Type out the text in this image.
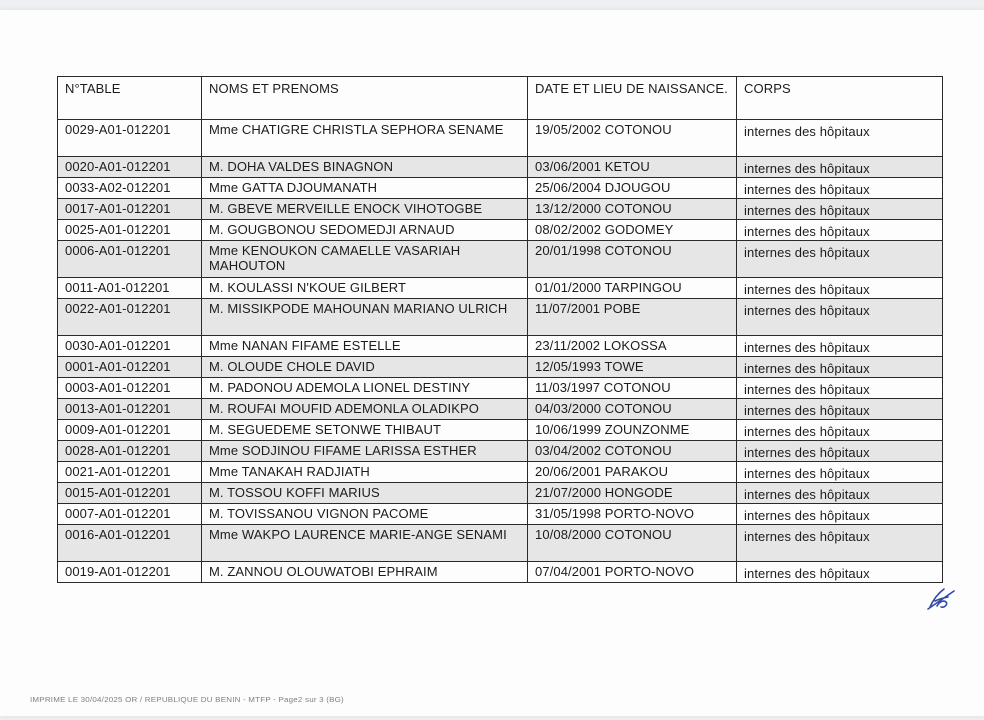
N°TABLE	NOMS ET PRENOMS	DATE ET LIEU DE NAISSANCE.	CORPS
0029-A01-012201	Mme CHATIGRE CHRISTLA SEPHORA SENAME	19/05/2002 COTONOU	internes des hôpitaux
0020-A01-012201	M. DOHA VALDES BINAGNON	03/06/2001 KETOU	internes des hôpitaux
0033-A02-012201	Mme GATTA DJOUMANATH	25/06/2004 DJOUGOU	internes des hôpitaux
0017-A01-012201	M. GBEVE MERVEILLE ENOCK VIHOTOGBE	13/12/2000 COTONOU	internes des hôpitaux
0025-A01-012201	M. GOUGBONOU SEDOMEDJI ARNAUD	08/02/2002 GODOMEY	internes des hôpitaux
0006-A01-012201	Mme KENOUKON CAMAELLE VASARIAH MAHOUTON	20/01/1998 COTONOU	internes des hôpitaux
0011-A01-012201	M. KOULASSI N'KOUE GILBERT	01/01/2000 TARPINGOU	internes des hôpitaux
0022-A01-012201	M. MISSIKPODE MAHOUNAN MARIANO ULRICH	11/07/2001 POBE	internes des hôpitaux
0030-A01-012201	Mme NANAN FIFAME ESTELLE	23/11/2002 LOKOSSA	internes des hôpitaux
0001-A01-012201	M. OLOUDE CHOLE DAVID	12/05/1993 TOWE	internes des hôpitaux
0003-A01-012201	M. PADONOU ADEMOLA LIONEL DESTINY	11/03/1997 COTONOU	internes des hôpitaux
0013-A01-012201	M. ROUFAI MOUFID ADEMONLA OLADIKPO	04/03/2000 COTONOU	internes des hôpitaux
0009-A01-012201	M. SEGUEDEME SETONWE THIBAUT	10/06/1999 ZOUNZONME	internes des hôpitaux
0028-A01-012201	Mme SODJINOU FIFAME LARISSA ESTHER	03/04/2002 COTONOU	internes des hôpitaux
0021-A01-012201	Mme TANAKAH RADJIATH	20/06/2001 PARAKOU	internes des hôpitaux
0015-A01-012201	M. TOSSOU KOFFI MARIUS	21/07/2000 HONGODE	internes des hôpitaux
0007-A01-012201	M. TOVISSANOU VIGNON PACOME	31/05/1998 PORTO-NOVO	internes des hôpitaux
0016-A01-012201	Mme WAKPO LAURENCE MARIE-ANGE SENAMI	10/08/2000 COTONOU	internes des hôpitaux
0019-A01-012201	M. ZANNOU OLOUWATOBI EPHRAIM	07/04/2001 PORTO-NOVO	internes des hôpitaux
IMPRIME LE 30/04/2025 OR / REPUBLIQUE DU BENIN - MTFP - Page2 sur 3 (BG)
